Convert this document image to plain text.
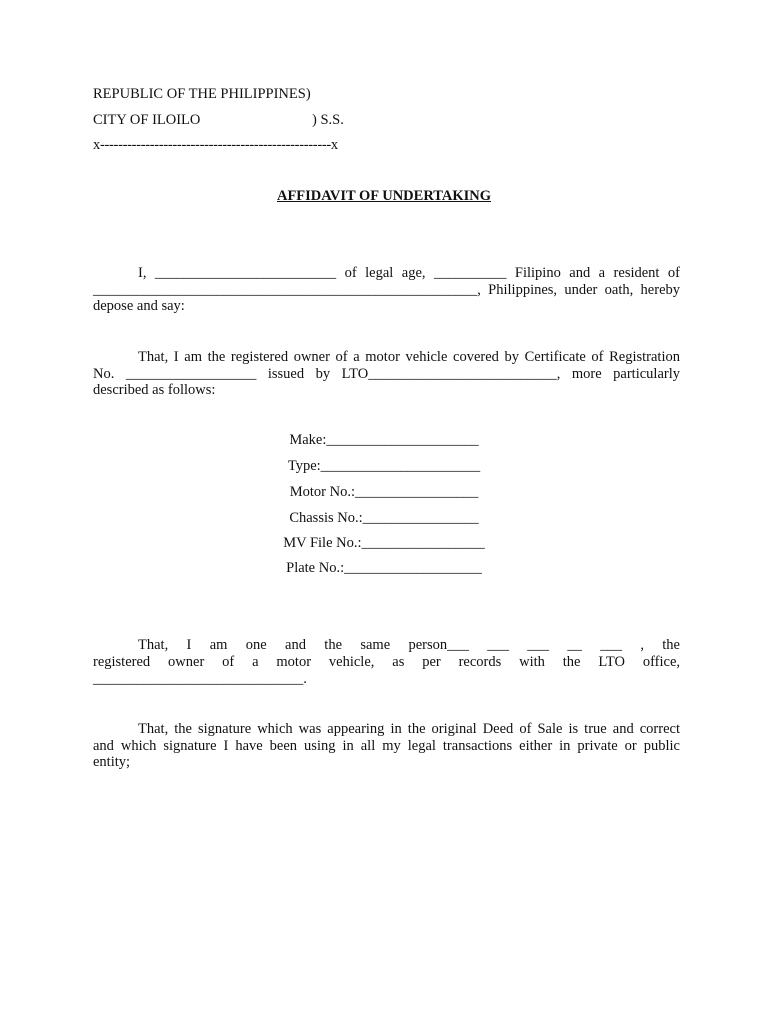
REPUBLIC OF THE PHILIPPINES)
CITY OF ILOILO	) S.S.
x---------------------------------------------------x
AFFIDAVIT OF UNDERTAKING
I, _________________________ of legal age, __________ Filipino and a resident of
_____________________________________________________, Philippines, under oath, hereby
depose and say:
That, I am the registered owner of a motor vehicle covered by Certificate of Registration
No. __________________ issued by LTO__________________________, more particularly
described as follows:
Make:_____________________
Type:______________________
Motor No.:_________________
Chassis No.:________________
MV File No.:_________________
Plate No.:___________________
That, I am one and the same person___ ___ ___ __ ___ , the
registered owner of a motor vehicle, as per records with the LTO office,
_____________________________.
That, the signature which was appearing in the original Deed of Sale is true and correct
and which signature I have been using in all my legal transactions either in private or public
entity;
